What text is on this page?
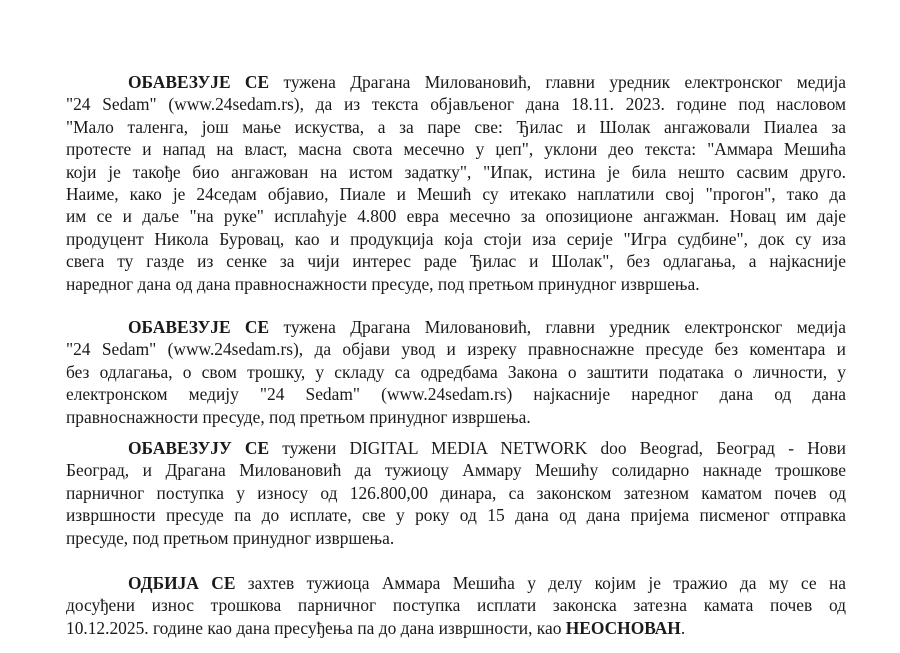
ОБАВЕЗУЈЕ СЕ тужена Драгана Миловановић, главни уредник електронског медија
"24 Sedam" (www.24sedam.rs), да из текста објављеног дана 18.11. 2023. године под насловом
"Мало таленга, још мање искуства, а за паре све: Ђилас и Шолак ангажовали Пиалеа за
протесте и напад на власт, масна свота месечно у џеп", уклони део текста: "Аммара Мешића
који је такође био ангажован на истом задатку", "Ипак, истина је била нешто сасвим друго.
Наиме, како је 24седам објавио, Пиале и Мешић су итекако наплатили свој "прогон", тако да
им се и даље "на руке" исплаћује 4.800 евра месечно за опозиционе ангажман. Новац им даје
продуцент Никола Буровац, као и продукција која стоји иза серије "Игра судбине", док су иза
свега ту газде из сенке за чији интерес раде Ђилас и Шолак", без одлагања, а најкасније
наредног дана од дана правноснажности пресуде, под претњом принудног извршења.
ОБАВЕЗУЈЕ СЕ тужена Драгана Миловановић, главни уредник електронског медија
"24 Sedam" (www.24sedam.rs), да објави увод и изреку правноснажне пресуде без коментара и
без одлагања, о свом трошку, у складу са одредбама Закона о заштити података о личности, у
електронском медију "24 Sedam" (www.24sedam.rs) најкасније наредног дана од дана
правноснажности пресуде, под претњом принудног извршења.
ОБАВЕЗУЈУ СЕ тужени DIGITAL MEDIA NETWORK doo Beograd, Београд - Нови
Београд, и Драгана Миловановић да тужиоцу Аммару Мешићу солидарно накнаде трошкове
парничног поступка у износу од 126.800,00 динара, са законском затезном каматом почев од
извршности пресуде па до исплате, све у року од 15 дана од дана пријема писменог отправка
пресуде, под претњом принудног извршења.
ОДБИЈА СЕ захтев тужиоца Аммара Мешића у делу којим је тражио да му се на
досуђени износ трошкова парничног поступка исплати законска затезна камата почев од
10.12.2025. године као дана пресуђења па до дана извршности, као НЕОСНОВАН.
